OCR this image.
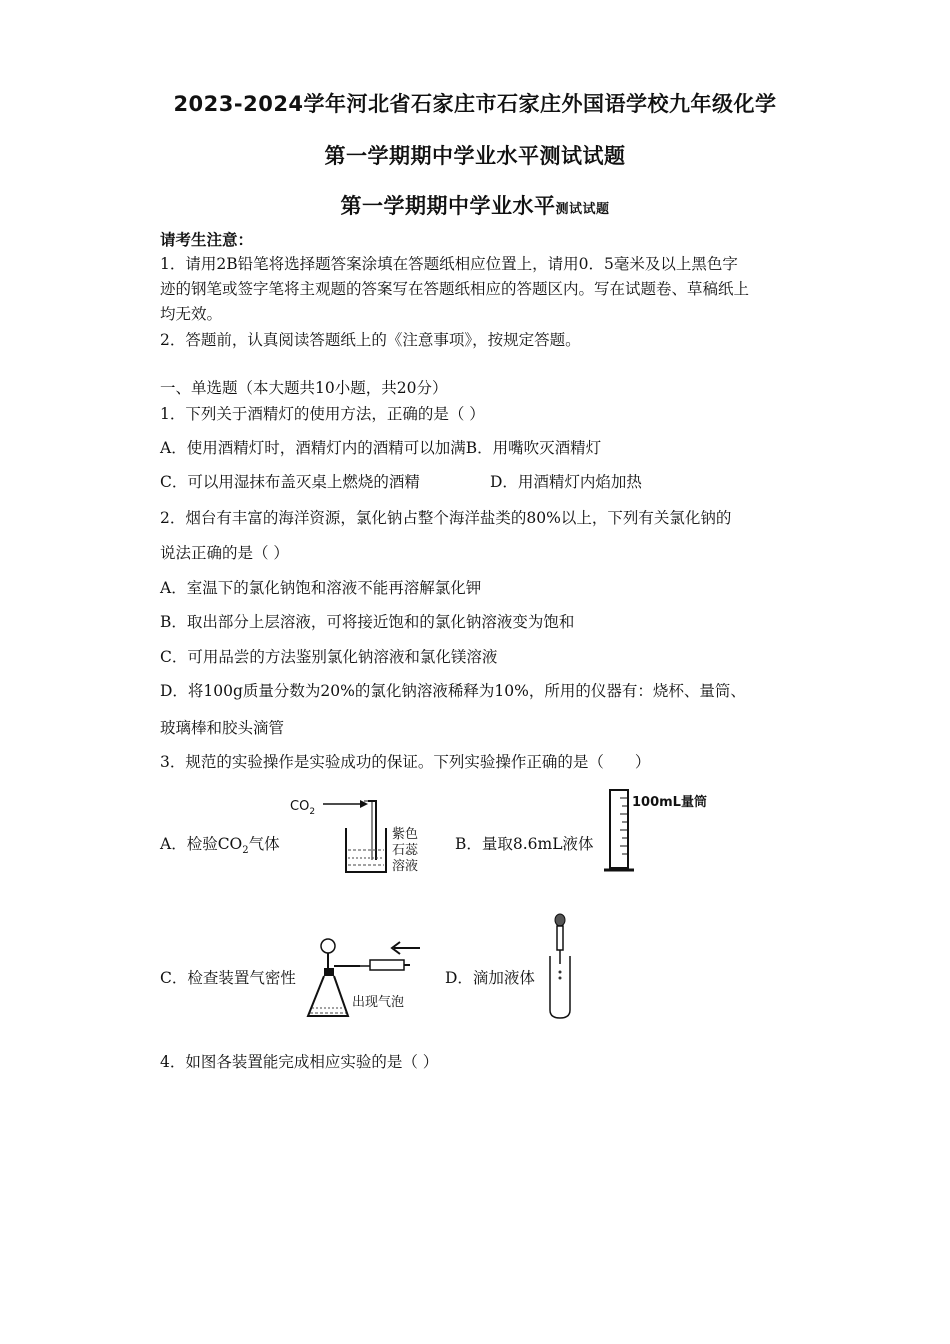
2023-2024学年河北省石家庄市石家庄外国语学校九年级化学
第一学期期中学业水平测试试题
第一学期期中学业水平测试试题
请考生注意：
1．请用2B铅笔将选择题答案涂填在答题纸相应位置上，请用0．5毫米及以上黑色字
迹的钢笔或签字笔将主观题的答案写在答题纸相应的答题区内。写在试题卷、草稿纸上
均无效。
2．答题前，认真阅读答题纸上的《注意事项》，按规定答题。
一、单选题（本大题共10小题，共20分）
1．下列关于酒精灯的使用方法，正确的是（ ）
A．使用酒精灯时，酒精灯内的酒精可以加满B．用嘴吹灭酒精灯
C．可以用湿抹布盖灭桌上燃烧的酒精	D．用酒精灯内焰加热
2．烟台有丰富的海洋资源，氯化钠占整个海洋盐类的80%以上，下列有关氯化钠的
说法正确的是（ ）
A．室温下的氯化钠饱和溶液不能再溶解氯化钾
B．取出部分上层溶液，可将接近饱和的氯化钠溶液变为饱和
C．可用品尝的方法鉴别氯化钠溶液和氯化镁溶液
D．将100g质量分数为20%的氯化钠溶液稀释为10%，所用的仪器有：烧杯、量筒、
玻璃棒和胶头滴管
3．规范的实验操作是实验成功的保证。下列实验操作正确的是（　　）
A．检验$CO_2$气体	B．量取8.6mL液体
C．检查装置气密性	D．滴加液体
$CO_2$
紫色
石蕊
溶液
100mL量筒
出现气泡
4．如图各装置能完成相应实验的是（ ）
